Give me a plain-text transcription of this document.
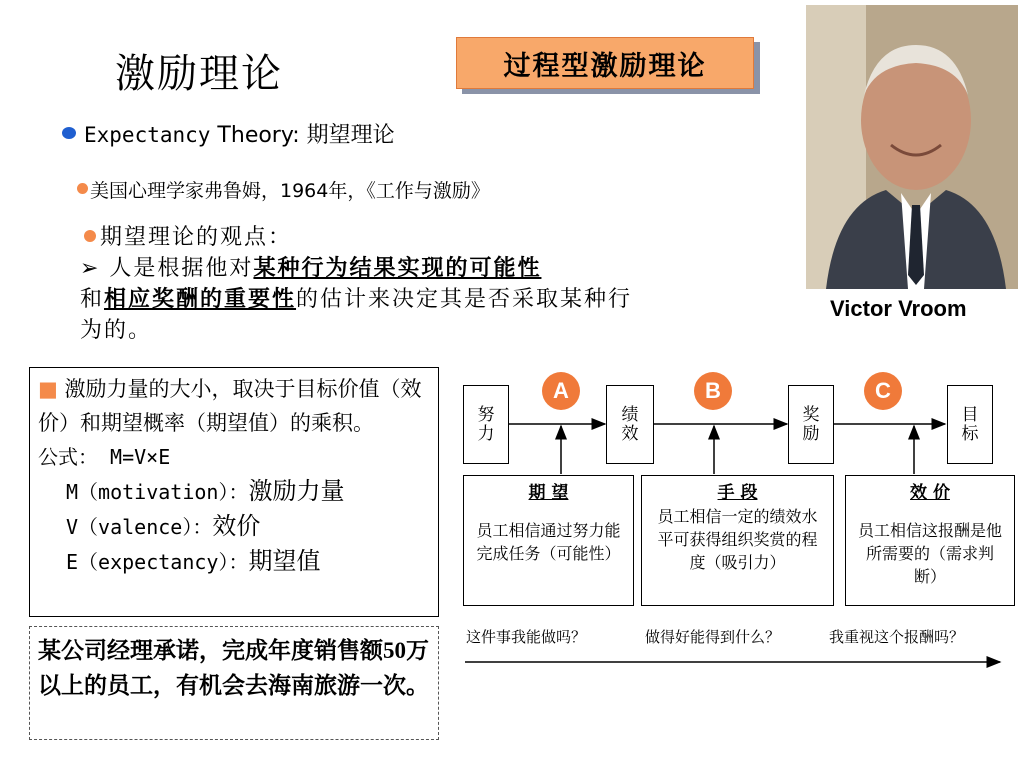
激励理论	过程型激励理论
Expectancy Theory: 期望理论
美国心理学家弗鲁姆，1964年，《工作与激励》
期望理论的观点：
➢ 人是根据他对某种行为结果实现的可能性
和相应奖酬的重要性的估计来决定其是否采取某种行为的。
Victor Vroom
■ 激励力量的大小，取决于目标价值（效价）和期望概率（期望值）的乘积。
公式： M=V×E
M（motivation）：激励力量
V（valence）：效价
E（expectancy）：期望值
某公司经理承诺，完成年度销售额50万以上的员工，有机会去海南旅游一次。
努力
绩效
奖励
目标
A	B	C
期 望
员工相信通过努力能完成任务（可能性）
手 段
员工相信一定的绩效水平可获得组织奖赏的程度（吸引力）
效 价
员工相信这报酬是他所需要的（需求判断）
这件事我能做吗？	做得好能得到什么？	我重视这个报酬吗？
